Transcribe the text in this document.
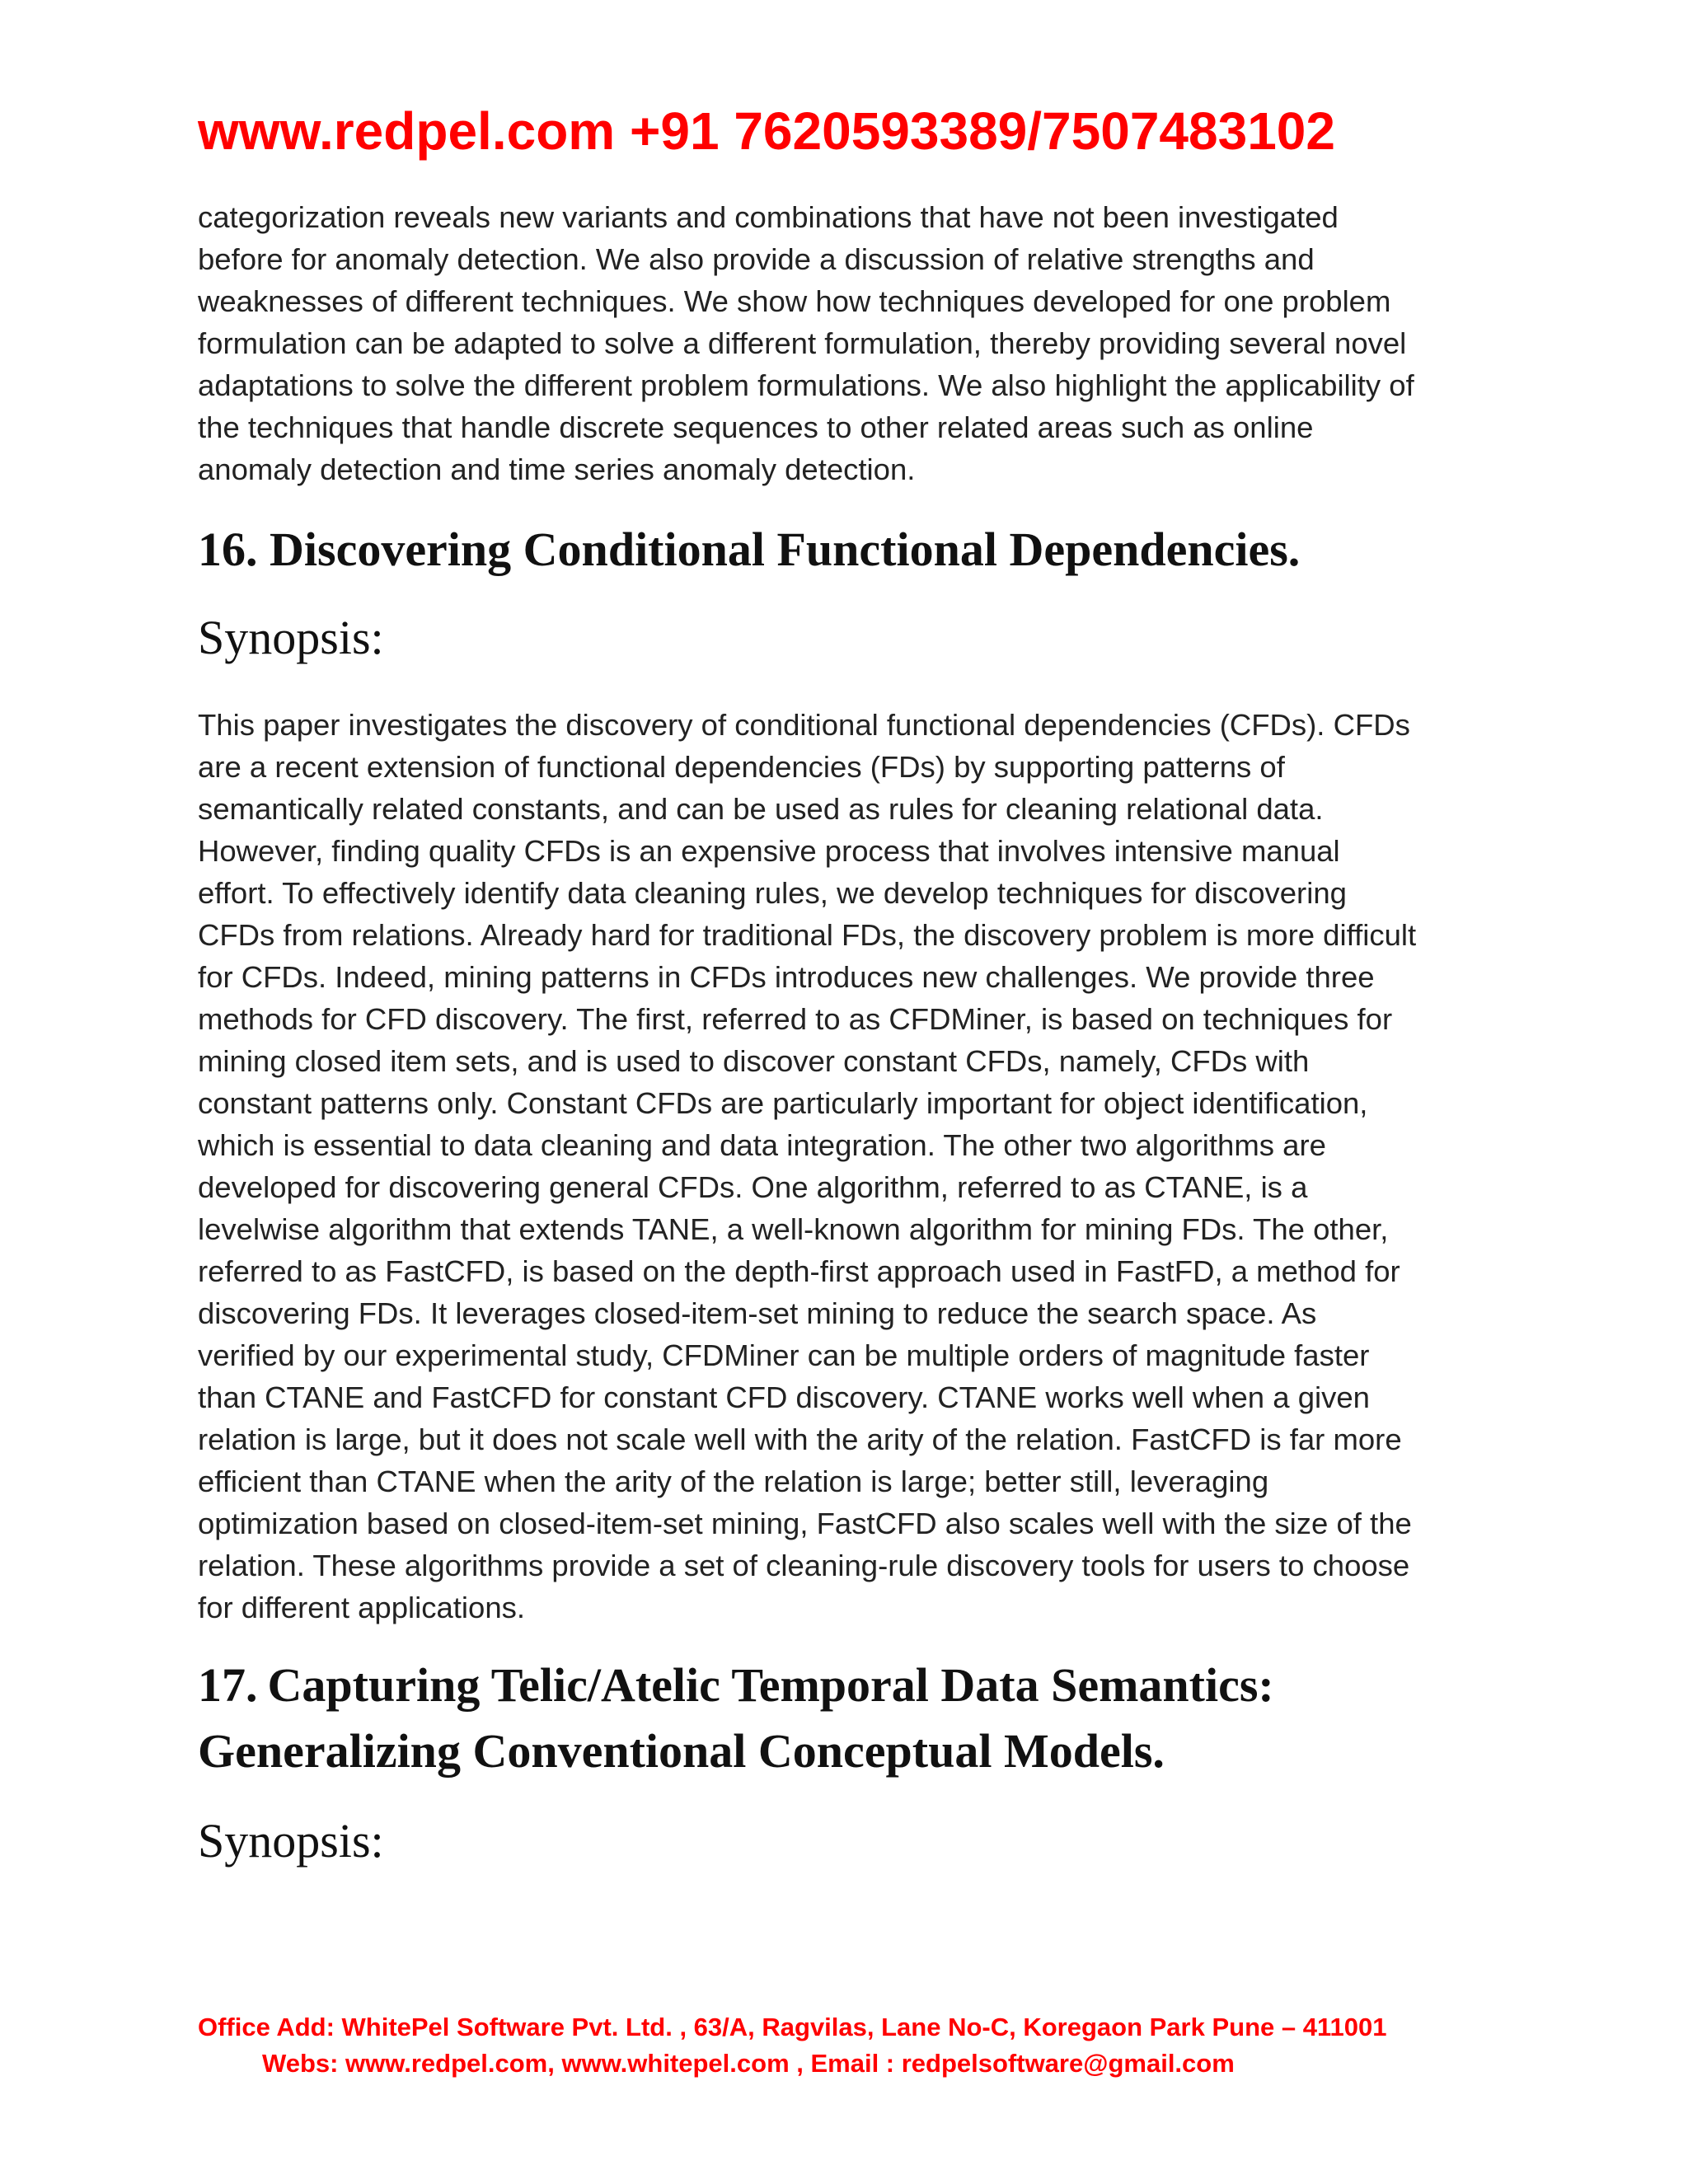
www.redpel.com +91 7620593389/7507483102
categorization reveals new variants and combinations that have not been investigated
before for anomaly detection. We also provide a discussion of relative strengths and
weaknesses of different techniques. We show how techniques developed for one problem
formulation can be adapted to solve a different formulation, thereby providing several novel
adaptations to solve the different problem formulations. We also highlight the applicability of
the techniques that handle discrete sequences to other related areas such as online
anomaly detection and time series anomaly detection.
16. Discovering Conditional Functional Dependencies.
Synopsis:
This paper investigates the discovery of conditional functional dependencies (CFDs). CFDs
are a recent extension of functional dependencies (FDs) by supporting patterns of
semantically related constants, and can be used as rules for cleaning relational data.
However, finding quality CFDs is an expensive process that involves intensive manual
effort. To effectively identify data cleaning rules, we develop techniques for discovering
CFDs from relations. Already hard for traditional FDs, the discovery problem is more difficult
for CFDs. Indeed, mining patterns in CFDs introduces new challenges. We provide three
methods for CFD discovery. The first, referred to as CFDMiner, is based on techniques for
mining closed item sets, and is used to discover constant CFDs, namely, CFDs with
constant patterns only. Constant CFDs are particularly important for object identification,
which is essential to data cleaning and data integration. The other two algorithms are
developed for discovering general CFDs. One algorithm, referred to as CTANE, is a
levelwise algorithm that extends TANE, a well-known algorithm for mining FDs. The other,
referred to as FastCFD, is based on the depth-first approach used in FastFD, a method for
discovering FDs. It leverages closed-item-set mining to reduce the search space. As
verified by our experimental study, CFDMiner can be multiple orders of magnitude faster
than CTANE and FastCFD for constant CFD discovery. CTANE works well when a given
relation is large, but it does not scale well with the arity of the relation. FastCFD is far more
efficient than CTANE when the arity of the relation is large; better still, leveraging
optimization based on closed-item-set mining, FastCFD also scales well with the size of the
relation. These algorithms provide a set of cleaning-rule discovery tools for users to choose
for different applications.
17. Capturing Telic/Atelic Temporal Data Semantics:
Generalizing Conventional Conceptual Models.
Synopsis:
Office Add: WhitePel Software Pvt. Ltd. , 63/A, Ragvilas, Lane No-C, Koregaon Park Pune – 411001
Webs: www.redpel.com, www.whitepel.com , Email : redpelsoftware@gmail.com
